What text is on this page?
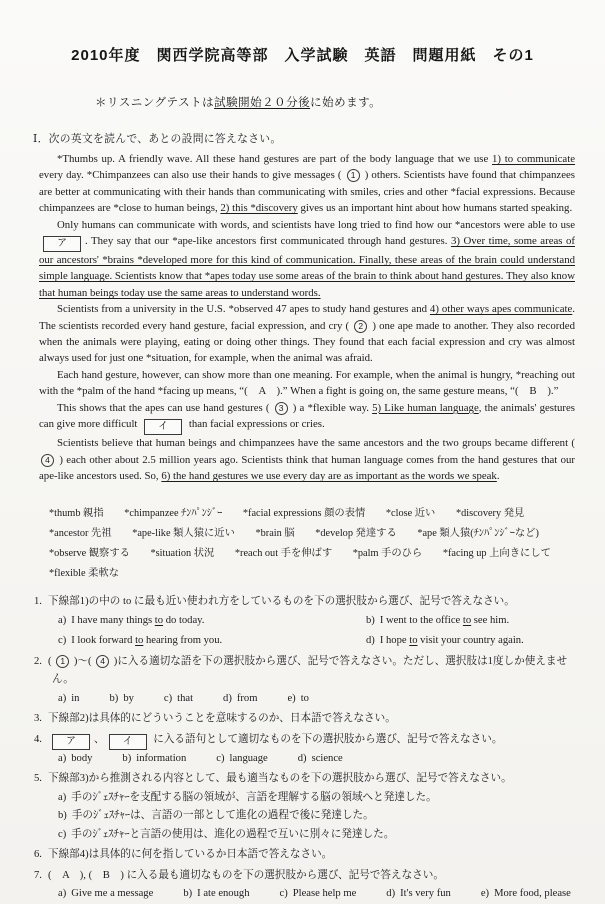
2010年度　関西学院高等部　入学試験　英語　問題用紙　その1
＊リスニングテストは試験開始２０分後に始めます。
Ⅰ．次の英文を読んで、あとの設問に答えなさい。

*Thumbs up. A friendly wave. All these hand gestures are part of the body language that we use 1) to communicate every day. *Chimpanzees can also use their hands to give messages ( 1 ) others. Scientists have found that chimpanzees are better at communicating with their hands than communicating with smiles, cries and other *facial expressions. Because chimpanzees are *close to human beings, 2) this *discovery gives us an important hint about how humans started speaking.

Only humans can communicate with words, and scientists have long tried to find how our *ancestors were able to use ア . They say that our *ape-like ancestors first communicated through hand gestures. 3) Over time, some areas of our ancestors' *brains *developed more for this kind of communication. Finally, these areas of the brain could understand simple language. Scientists know that *apes today use some areas of the brain to think about hand gestures. They also know that human beings today use the same areas to understand words.

Scientists from a university in the U.S. *observed 47 apes to study hand gestures and 4) other ways apes communicate. The scientists recorded every hand gesture, facial expression, and cry ( 2 ) one ape made to another. They also recorded when the animals were playing, eating or doing other things. They found that each facial expression and cry was almost always used for just one *situation, for example, when the animal was afraid.

Each hand gesture, however, can show more than one meaning. For example, when the animal is hungry, *reaching out with the *palm of the hand *facing up means, “(　A　).” When a fight is going on, the same gesture means, “(　B　).”

This shows that the apes can use hand gestures ( 3 ) a *flexible way. 5) Like human language, the animals' gestures can give more difficult イ than facial expressions or cries.

Scientists believe that human beings and chimpanzees have the same ancestors and the two groups became different ( 4 ) each other about 2.5 million years ago. Scientists think that human language comes from the hand gestures that our ape-like ancestors used. So, 6) the hand gestures we use every day are as important as the words we speak.

*thumb 親指　　*chimpanzee ﾁﾝﾊﾟﾝｼﾞｰ　　*facial expressions 顔の表情　　*close 近い　　*discovery 発見
*ancestor 先祖　　*ape-like 類人猿に近い　　*brain 脳　　*develop 発達する　　*ape 類人猿(ﾁﾝﾊﾟﾝｼﾞｰなど)
*observe 観察する　　*situation 状況　　*reach out 手を伸ばす　　*palm 手のひら　　*facing up 上向きにして
*flexible 柔軟な
1. 下線部1)の中の to に最も近い使われ方をしているものを下の選択肢から選び、記号で答えなさい。
a) I have many things to do today.	b) I went to the office to see him.
c) I look forward to hearing from you.	d) I hope to visit your country again.
2. ( 1 )～( 4 )に入る適切な語を下の選択肢から選び、記号で答えなさい。ただし、選択肢は1度しか使えません。
a) in	b) by	c) that	d) from	e) to
3. 下線部2)は具体的にどういうことを意味するのか、日本語で答えなさい。
4. ア 、 イ に入る語句として適切なものを下の選択肢から選び、記号で答えなさい。
a) body	b) information	c) language	d) science
5. 下線部3)から推測される内容として、最も適当なものを下の選択肢から選び、記号で答えなさい。
a) 手のｼﾞｪｽﾁｬｰを支配する脳の領域が、言語を理解する脳の領域へと発達した。
b) 手のｼﾞｪｽﾁｬｰは、言語の一部として進化の過程で後に発達した。
c) 手のｼﾞｪｽﾁｬｰと言語の使用は、進化の過程で互いに別々に発達した。
6. 下線部4)は具体的に何を指しているか日本語で答えなさい。
7. (　A　), (　B　) に入る最も適切なものを下の選択肢から選び、記号で答えなさい。
a) Give me a message	b) I ate enough	c) Please help me	d) It's very fun	e) More food, please
